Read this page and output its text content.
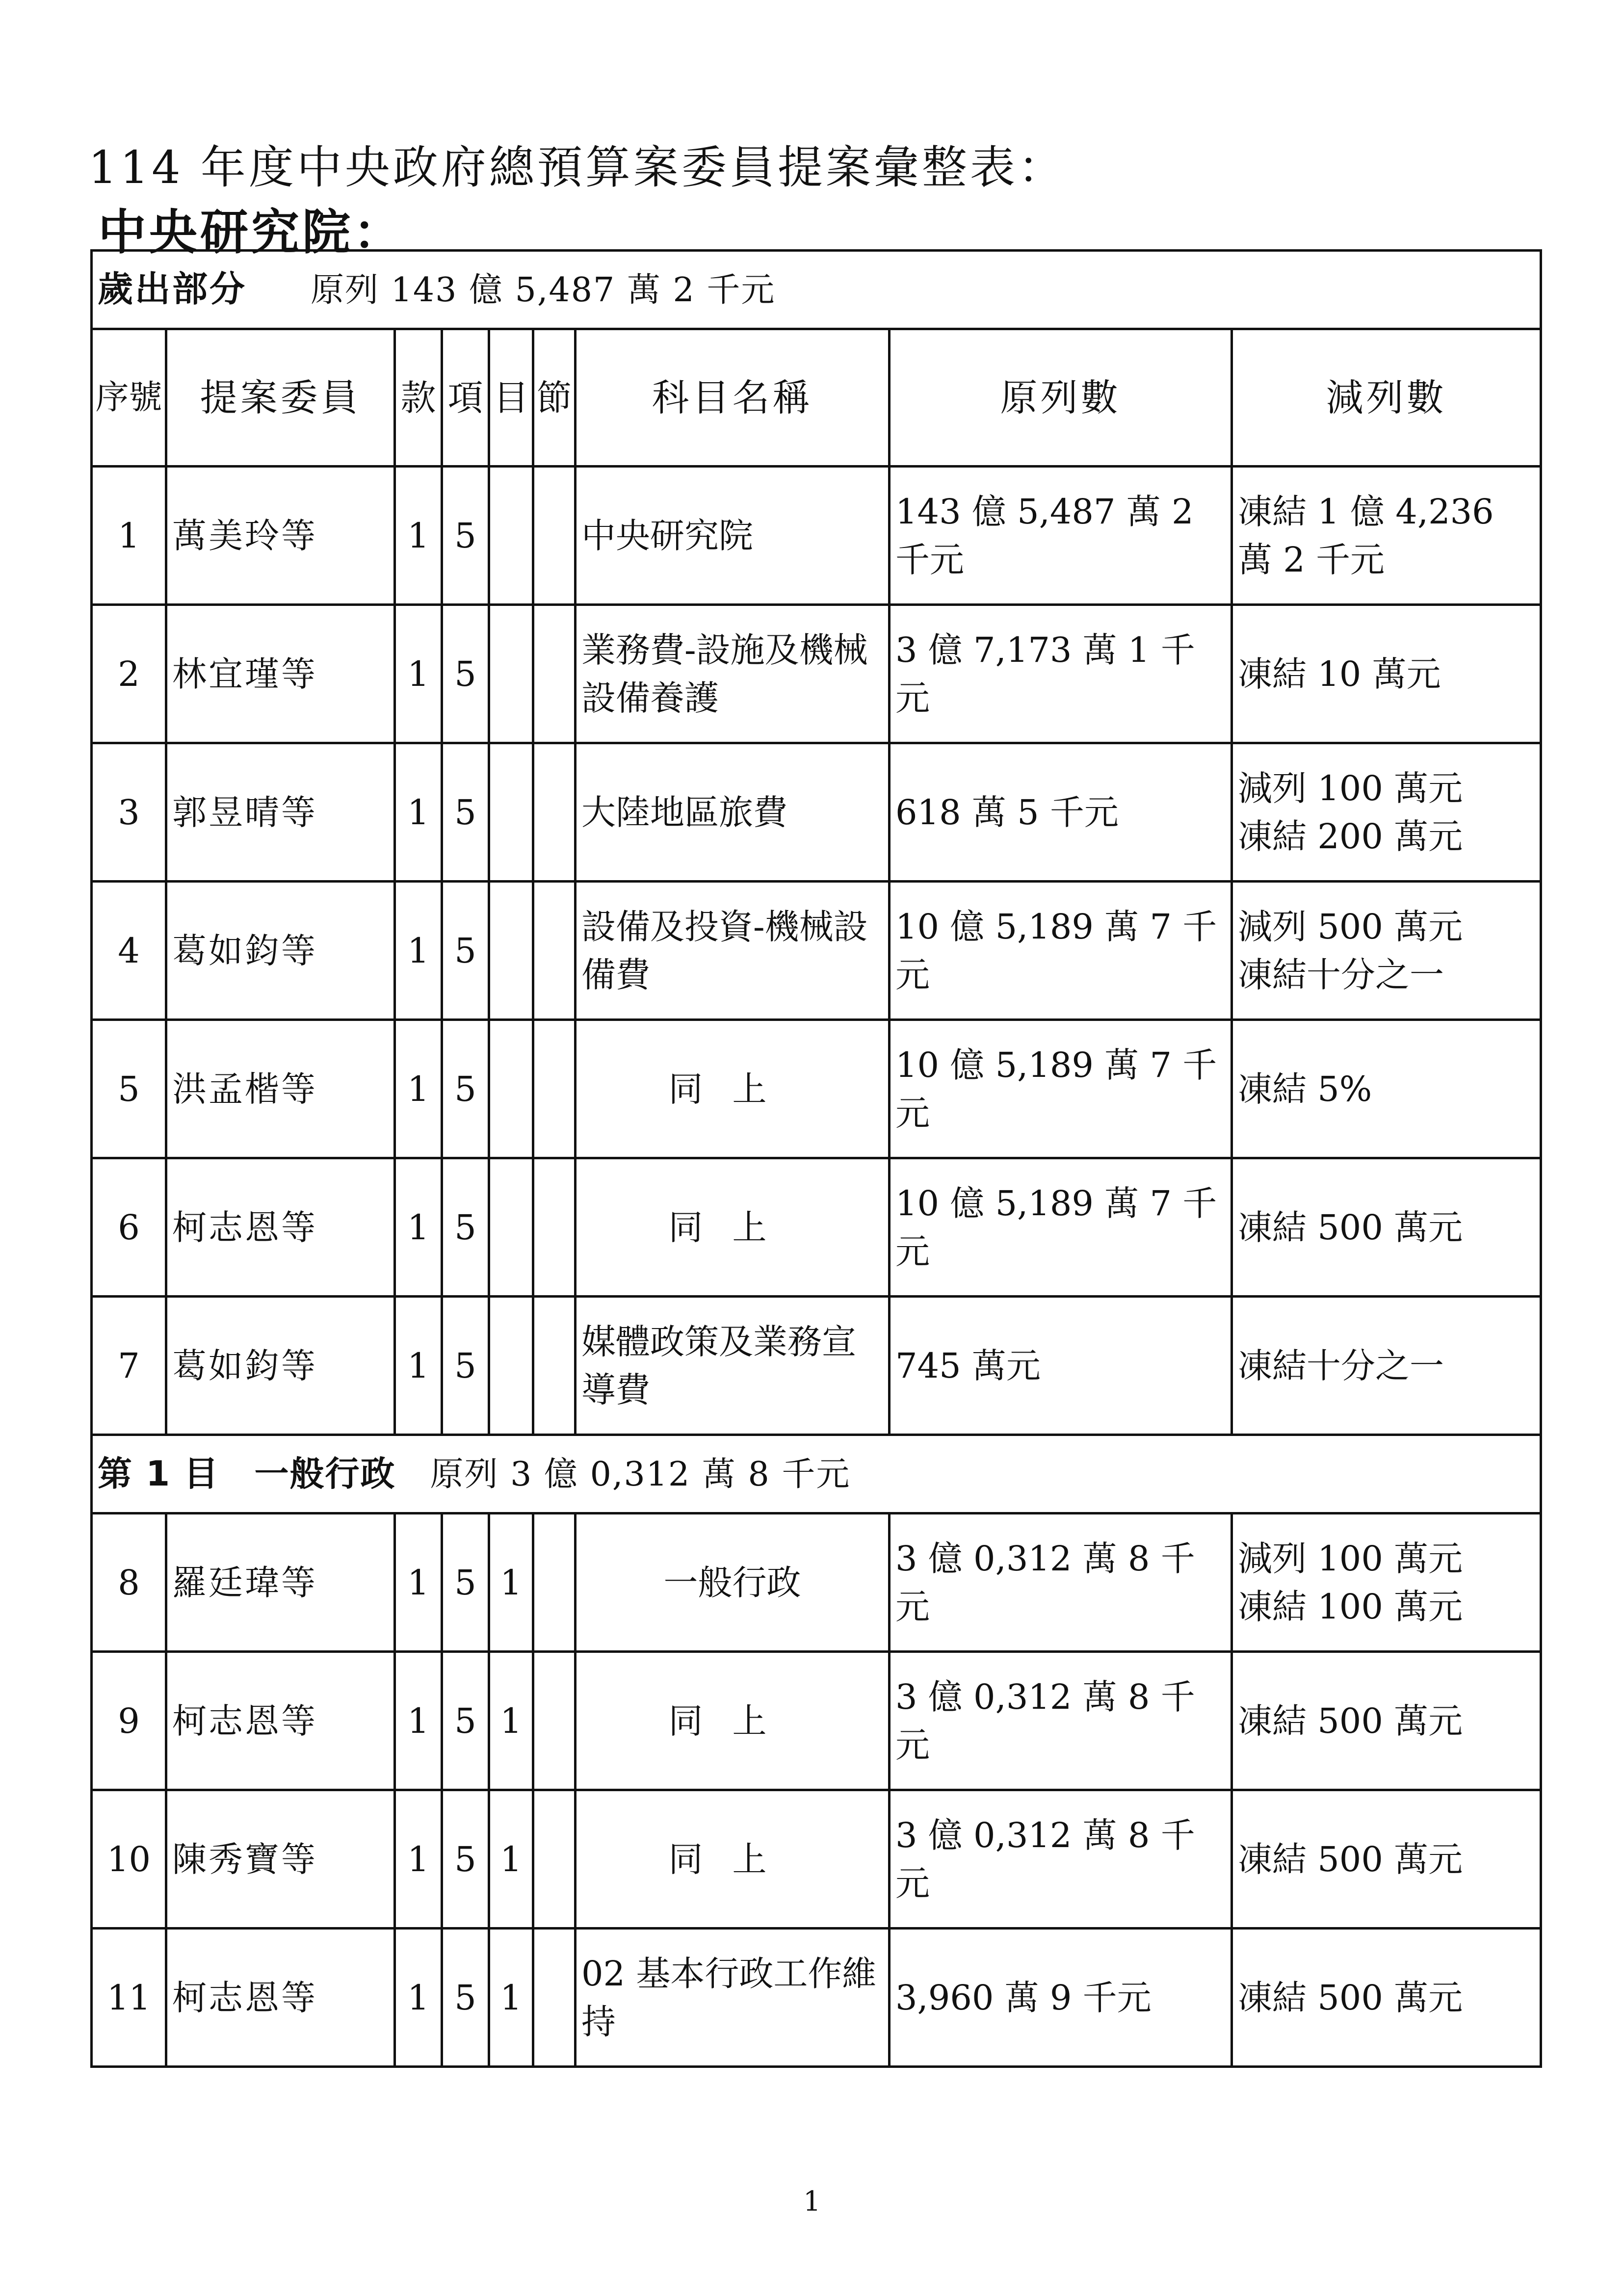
114 年度中央政府總預算案委員提案彙整表：
中央研究院：
歲出部分 原列 143 億 5,487 萬 2 千元								
序號	提案委員	款	項	目	節	科目名稱	原列數	減列數
1	萬美玲等	1	5			中央研究院	143 億 5,487 萬 2 千元	凍結 1 億 4,236 萬 2 千元

2	林宜瑾等	1	5			業務費-設施及機械設備養護	3 億 7,173 萬 1 千元	凍結 10 萬元

3	郭昱晴等	1	5			大陸地區旅費	618 萬 5 千元	減列 100 萬元
凍結 200 萬元

4	葛如鈞等	1	5			設備及投資-機械設備費	10 億 5,189 萬 7 千元	減列 500 萬元
凍結十分之一

5	洪孟楷等	1	5			同上	10 億 5,189 萬 7 千元	凍結 5%

6	柯志恩等	1	5			同上	10 億 5,189 萬 7 千元	凍結 500 萬元

7	葛如鈞等	1	5			媒體政策及業務宣導費	745 萬元	凍結十分之一

第 1 目　一般行政 原列 3 億 0,312 萬 8 千元								
8	羅廷瑋等	1	5	1		一般行政	3 億 0,312 萬 8 千元	減列 100 萬元
凍結 100 萬元

9	柯志恩等	1	5	1		同上	3 億 0,312 萬 8 千元	凍結 500 萬元

10	陳秀寶等	1	5	1		同上	3 億 0,312 萬 8 千元	凍結 500 萬元

11	柯志恩等	1	5	1		02 基本行政工作維持	3,960 萬 9 千元	凍結 500 萬元
1
